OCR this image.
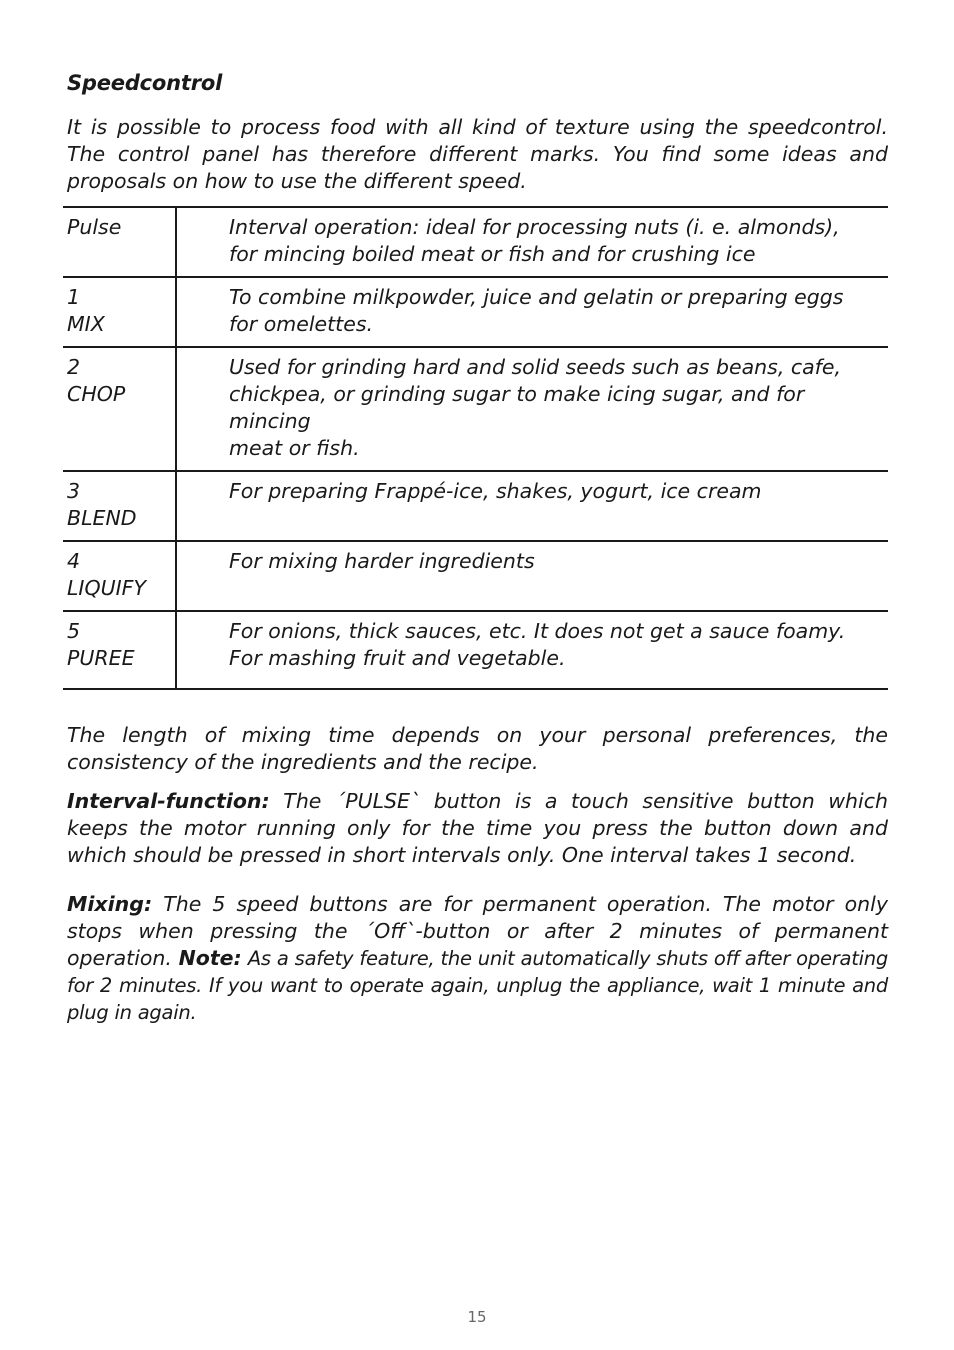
Speedcontrol

It is possible to process food with all kind of texture using the speedcontrol. The control panel has therefore different marks. You find some ideas and proposals on how to use the different speed.

Pulse	Interval operation: ideal for processing nuts (i. e. almonds),
for mincing boiled meat or fish and for crushing ice

1
MIX	To combine milkpowder, juice and gelatin or preparing eggs
for omelettes.

2
CHOP	Used for grinding hard and solid seeds such as beans, cafe,
chickpea, or grinding sugar to make icing sugar, and for mincing
meat or fish.

3
BLEND	For preparing Frappé-ice, shakes, yogurt, ice cream

4
LIQUIFY	For mixing harder ingredients

5
PUREE	For onions, thick sauces, etc. It does not get a sauce foamy.
For mashing fruit and vegetable.

The length of mixing time depends on your personal preferences, the consistency of the ingredients and the recipe.

Interval-function: The ´PULSE` button is a touch sensitive button which keeps the motor running only for the time you press the button down and which should be pressed in short intervals only. One interval takes 1 second.

Mixing: The 5 speed buttons are for permanent operation. The motor only stops when pressing the ´Off`-button or after 2 minutes of permanent operation. Note: As a safety feature, the unit automatically shuts off after operating for 2 minutes. If you want to operate again, unplug the appliance, wait 1 minute and plug in again.

15
